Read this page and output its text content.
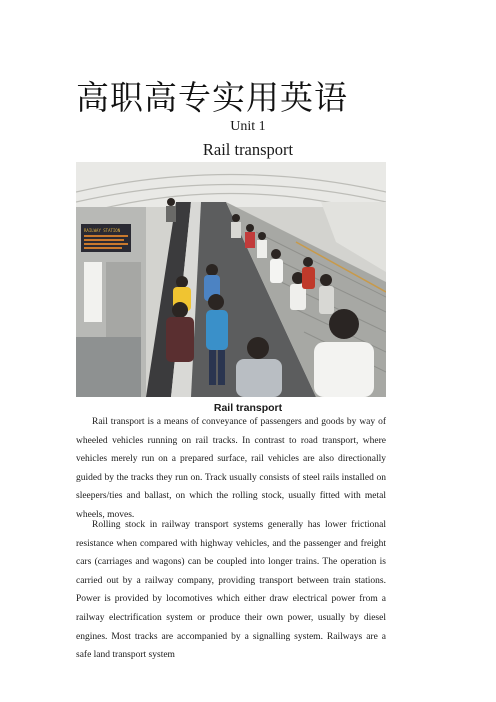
高职高专实用英语

Unit 1

Rail transport

RAILWAY STATION

Rail transport

Rail transport is a means of conveyance of passengers and goods by way of wheeled vehicles running on rail tracks. In contrast to road transport, where vehicles merely run on a prepared surface, rail vehicles are also directionally guided by the tracks they run on. Track usually consists of steel rails installed on sleepers/ties and ballast, on which the rolling stock, usually fitted with metal wheels, moves.

Rolling stock in railway transport systems generally has lower frictional resistance when compared with highway vehicles, and the passenger and freight cars (carriages and wagons) can be coupled into longer trains. The operation is carried out by a railway company, providing transport between train stations. Power is provided by locomotives which either draw electrical power from a railway electrification system or produce their own power, usually by diesel engines. Most tracks are accompanied by a signalling system. Railways are a safe land transport system
